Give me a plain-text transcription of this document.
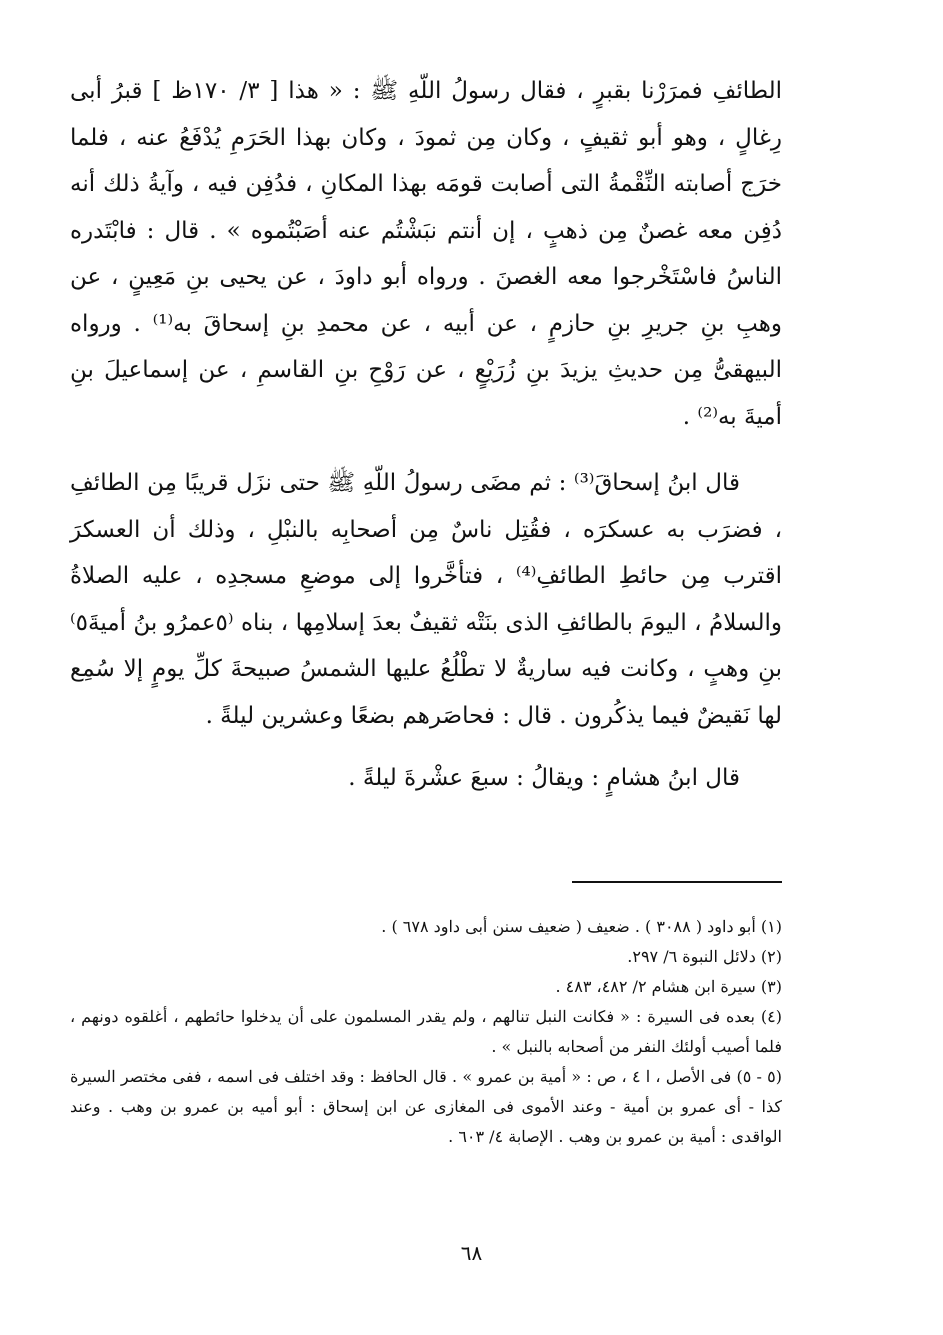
الطائفِ فمرَرْنا بقبرٍ ، فقال رسولُ اللّهِ ﷺ : « هذا [ ٣/ ١٧٠ظ ] قبرُ أبى رِغالٍ ، وهو أبو ثقيفٍ ، وكان مِن ثمودَ ، وكان بهذا الحَرَمِ يُدْفَعُ عنه ، فلما خرَج أصابته النِّقْمةُ التى أصابت قومَه بهذا المكانِ ، فدُفِن فيه ، وآيةُ ذلك أنه دُفِن معه غصنٌ مِن ذهبٍ ، إن أنتم نبَشْتُم عنه أصَبْتُموه » . قال : فابْتَدره الناسُ فاسْتَخْرجوا معه الغصنَ . ورواه أبو داودَ ، عن يحيى بنِ مَعِينٍ ، عن وهبِ بنِ جريرِ بنِ حازمٍ ، عن أبيه ، عن محمدِ بنِ إسحاقَ به⁽¹⁾ . ورواه البيهقىُّ مِن حديثِ يزيدَ بنِ زُرَيْعٍ ، عن رَوْحِ بنِ القاسمِ ، عن إسماعيلَ بنِ أميةَ به⁽²⁾ .

قال ابنُ إسحاقَ⁽³⁾ : ثم مضَى رسولُ اللّهِ ﷺ حتى نزَل قريبًا مِن الطائفِ ، فضرَب به عسكرَه ، فقُتِل ناسٌ مِن أصحابِه بالنبْلِ ، وذلك أن العسكرَ اقترب مِن حائطِ الطائفِ⁽⁴⁾ ، فتأخَّروا إلى موضعِ مسجدِه ، عليه الصلاةُ والسلامُ ، اليومَ بالطائفِ الذى بنَتْه ثقيفٌ بعدَ إسلامِها ، بناه ⁽٥عمرُو بنُ أميةَ٥⁾ بنِ وهبٍ ، وكانت فيه ساريةٌ لا تطْلُعُ عليها الشمسُ صبيحةَ كلِّ يومٍ إلا سُمِع لها نَقيضٌ فيما يذكُرون . قال : فحاصَرهم بضعًا وعشرين ليلةً .

قال ابنُ هشامٍ : ويقالُ : سبعَ عشْرةَ ليلةً .

(١) أبو داود ( ٣٠٨٨ ) . ضعيف ( ضعيف سنن أبى داود ٦٧٨ ) .

(٢) دلائل النبوة ٦/ ٢٩٧.

(٣) سيرة ابن هشام ٢/ ٤٨٢، ٤٨٣ .

(٤) بعده فى السيرة : « فكانت النبل تنالهم ، ولم يقدر المسلمون على أن يدخلوا حائطهم ، أغلقوه دونهم ، فلما أصيب أولئك النفر من أصحابه بالنبل » .

(٥ - ٥) فى الأصل ، ا ٤ ، ص : « أمية بن عمرو » . قال الحافظ : وقد اختلف فى اسمه ، ففى مختصر السيرة كذا - أى عمرو بن أمية - وعند الأموى فى المغازى عن ابن إسحاق : أبو أميه بن عمرو بن وهب . وعند الواقدى : أمية بن عمرو بن وهب . الإصابة ٤/ ٦٠٣ .

٦٨
